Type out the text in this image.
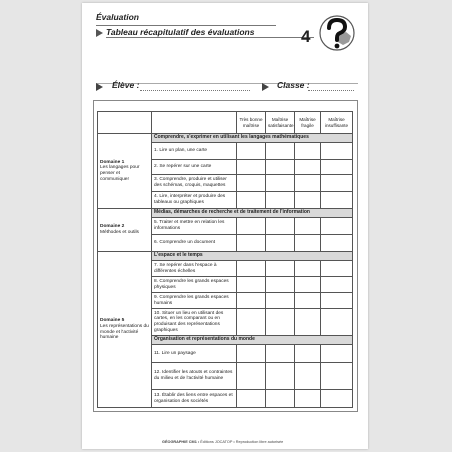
Évaluation
Tableau récapitulatif des évaluations	4
Élève :	Classe :
		Très bonne maîtrise	Maîtrise satisfaisante	Maîtrise fragile	Maîtrise insuffisante

Domaine 1
Les langages pour penser et communiquer	Comprendre, s'exprimer en utilisant les langages mathématiques				
	1. Lire un plan, une carte				
	2. Se repérer sur une carte				
	3. Comprendre, produire et utiliser des schémas, croquis, maquettes				
	4. Lire, interpréter et produire des tableaux ou graphiques				

Domaine 2
Méthodes et outils	Médias, démarches de recherche et de traitement de l'information				
	5. Traiter et mettre en relation les informations				
	6. Comprendre un document				

Domaine 5
Les représentations du monde et l'activité humaine	L'espace et le temps				
	7. Se repérer dans l'espace à différentes échelles				
	8. Comprendre les grands espaces physiques				
	9. Comprendre les grands espaces humains				
	10. Situer un lieu en utilisant des cartes, en les comparant ou en produisant des représentations graphiques				
	Organisation et représentations du monde				
	11. Lire un paysage				
	12. Identifier les atouts et contraintes du milieu et de l'activité humaine				
	13. Établir des liens entre espaces et organisation des sociétés				
GÉOGRAPHIE CM1 • Éditions JOCATOP • Reproduction libre autorisée
